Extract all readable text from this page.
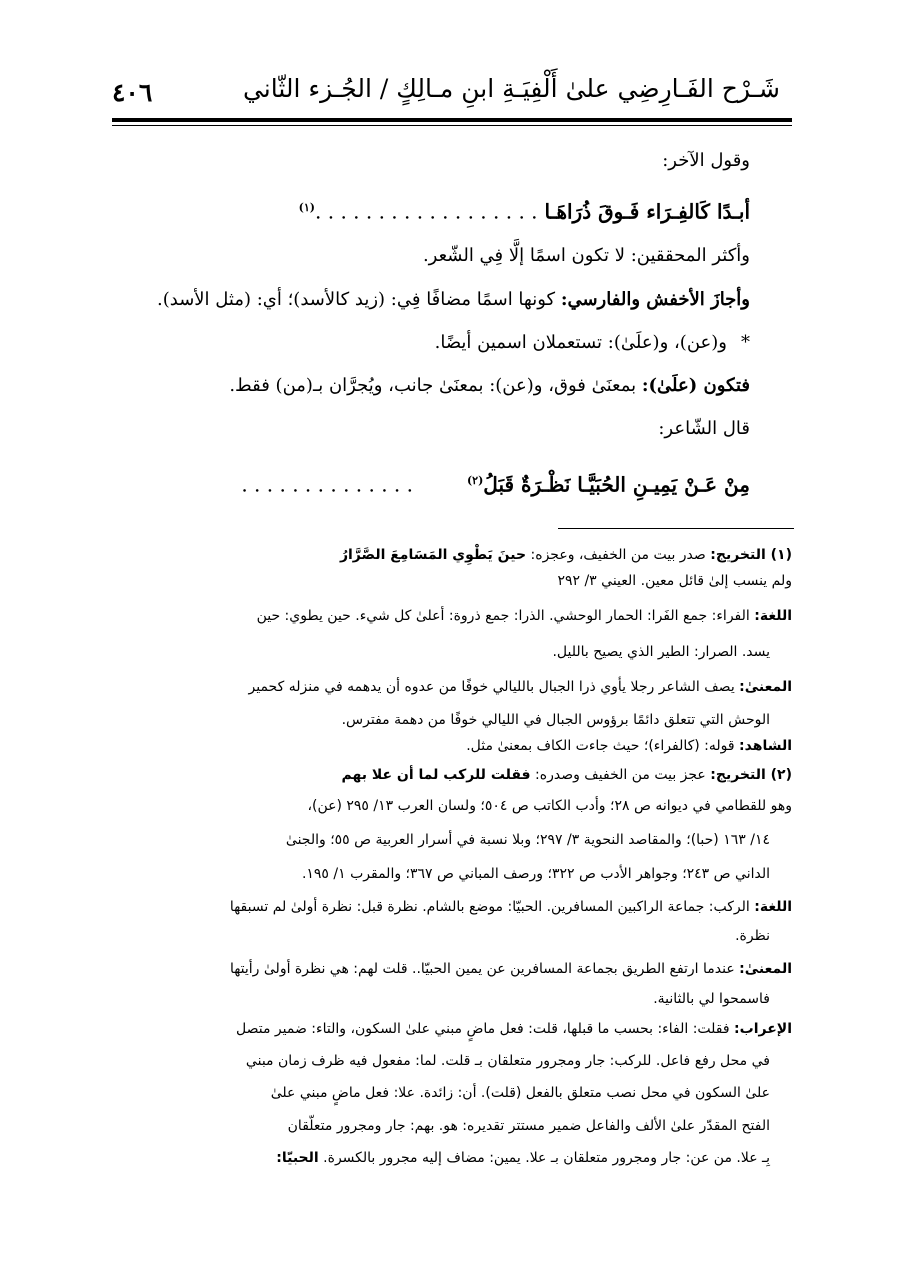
شَـرْح الفَـارِضِي علىٰ أَلْفِيَـةِ ابنِ مـالِكٍ / الجُـزء الثّاني
٤٠٦
وقول الآخر:
أبـدًا كَالفِـرَاء فَـوقَ ذُرَاهَـا . . . . . . . . . . . . . . . . . .$^{(١)}$
وأكثر المحققين: لا تكون اسمًا إلَّا فِي الشّعر.
وأجازَ الأخفش والفارسي: كونها اسمًا مضافًا فِي: (زيد كالأسد)؛ أي: (مثل الأسد).
*و(عن)، و(علَىٰ): تستعملان اسمين أيضًا.
فتكون (علَىٰ): بمعنَىٰ فوق، و(عن): بمعنَىٰ جانب، ويُجرَّان بـ(من) فقط.
قال الشّاعر:
مِنْ عَـنْ يَمِيـنِ الحُبَيَّـا نَظْـرَةٌ قَبَلُ$^{(٢)}$  . . . . . . . . . . . . . .
(١) التخريج: صدر بيت من الخفيف، وعجزه: حينَ يَطْوِي المَسَامِعَ الصَّرَّارُ
ولم ينسب إلىٰ قائل معين. العيني ٣/ ٢٩٢
اللغة: الفراء: جمع الفَرا: الحمار الوحشي. الذرا: جمع ذروة: أعلىٰ كل شيء. حين يطوي: حين
يسد. الصرار: الطير الذي يصيح بالليل.
المعنىٰ: يصف الشاعر رجلا يأوي ذرا الجبال بالليالي خوفًا من عدوه أن يدهمه في منزله كحمير
الوحش التي تتعلق دائمًا برؤوس الجبال في الليالي خوفًا من دهمة مفترس.
الشاهد: قوله: (كالفراء)؛ حيث جاءت الكاف بمعنىٰ مثل.
(٢) التخريج: عجز بيت من الخفيف وصدره: فقلت للركب لما أن علا بهم
وهو للقطامي في ديوانه ص ٢٨؛ وأدب الكاتب ص ٥٠٤؛ ولسان العرب ١٣/ ٢٩٥ (عن)،
١٤/ ١٦٣ (حبا)؛ والمقاصد النحوية ٣/ ٢٩٧؛ وبلا نسبة في أسرار العربية ص ٥٥؛ والجنىٰ
الداني ص ٢٤٣؛ وجواهر الأدب ص ٣٢٢؛ ورصف المباني ص ٣٦٧؛ والمقرب ١/ ١٩٥.
اللغة: الركب: جماعة الراكبين المسافرين. الحبيّا: موضع بالشام. نظرة قبل: نظرة أولىٰ لم تسبقها
نظرة.
المعنىٰ: عندما ارتفع الطريق بجماعة المسافرين عن يمين الحبيّا.. قلت لهم: هي نظرة أولىٰ رأيتها
فاسمحوا لي بالثانية.
الإعراب: فقلت: الفاء: بحسب ما قبلها، قلت: فعل ماضٍ مبني علىٰ السكون، والتاء: ضمير متصل
في محل رفع فاعل. للركب: جار ومجرور متعلقان بـ قلت. لما: مفعول فيه ظرف زمان مبني
علىٰ السكون في محل نصب متعلق بالفعل (قلت). أن: زائدة. علا: فعل ماضٍ مبني علىٰ
الفتح المقدّر علىٰ الألف والفاعل ضمير مستتر تقديره: هو. بهم: جار ومجرور متعلّقان
بِـ علا. من عن: جار ومجرور متعلقان بـ علا. يمين: مضاف إليه مجرور بالكسرة. الحبيّا:
